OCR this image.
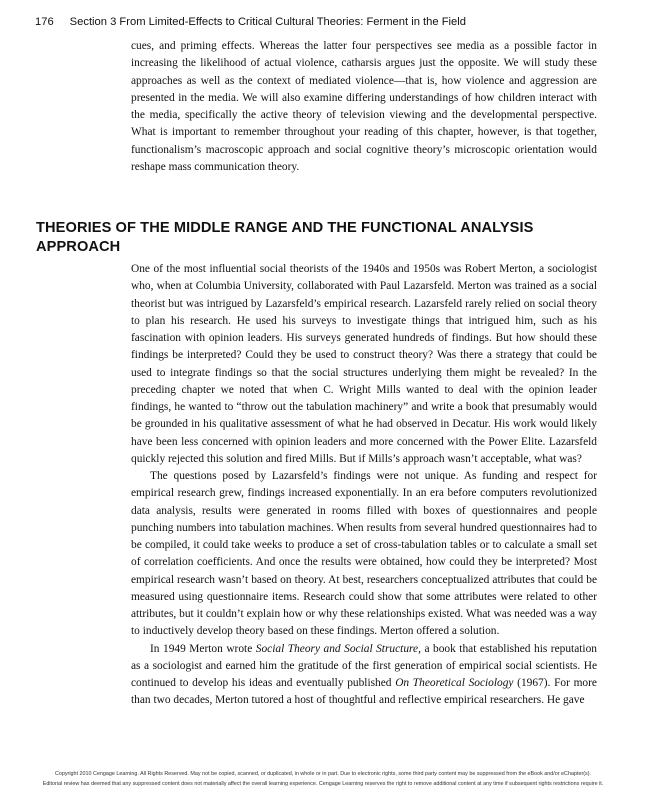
176 Section 3 From Limited-Effects to Critical Cultural Theories: Ferment in the Field

cues, and priming effects. Whereas the latter four perspectives see media as a possible factor in increasing the likelihood of actual violence, catharsis argues just the opposite. We will study these approaches as well as the context of mediated violence—that is, how violence and aggression are presented in the media. We will also examine differing understandings of how children interact with the media, specifically the active theory of television viewing and the developmental perspective. What is important to remember throughout your reading of this chapter, however, is that together, functionalism’s macroscopic approach and social cognitive theory’s microscopic orientation would reshape mass communication theory.

THEORIES OF THE MIDDLE RANGE AND THE FUNCTIONAL ANALYSIS APPROACH

One of the most influential social theorists of the 1940s and 1950s was Robert Merton, a sociologist who, when at Columbia University, collaborated with Paul Lazarsfeld. Merton was trained as a social theorist but was intrigued by Lazarsfeld’s empirical research. Lazarsfeld rarely relied on social theory to plan his research. He used his surveys to investigate things that intrigued him, such as his fascination with opinion leaders. His surveys generated hundreds of findings. But how should these findings be interpreted? Could they be used to construct theory? Was there a strategy that could be used to integrate findings so that the social structures underlying them might be revealed? In the preceding chapter we noted that when C. Wright Mills wanted to deal with the opinion leader findings, he wanted to “throw out the tabulation machinery” and write a book that presumably would be grounded in his qualitative assessment of what he had observed in Decatur. His work would likely have been less concerned with opinion leaders and more concerned with the Power Elite. Lazarsfeld quickly rejected this solution and fired Mills. But if Mills’s approach wasn’t acceptable, what was?

The questions posed by Lazarsfeld’s findings were not unique. As funding and respect for empirical research grew, findings increased exponentially. In an era before computers revolutionized data analysis, results were generated in rooms filled with boxes of questionnaires and people punching numbers into tabulation machines. When results from several hundred questionnaires had to be compiled, it could take weeks to produce a set of cross-tabulation tables or to calculate a small set of correlation coefficients. And once the results were obtained, how could they be interpreted? Most empirical research wasn’t based on theory. At best, researchers conceptualized attributes that could be measured using questionnaire items. Research could show that some attributes were related to other attributes, but it couldn’t explain how or why these relationships existed. What was needed was a way to inductively develop theory based on these findings. Merton offered a solution.

In 1949 Merton wrote Social Theory and Social Structure, a book that established his reputation as a sociologist and earned him the gratitude of the first generation of empirical social scientists. He continued to develop his ideas and eventually published On Theoretical Sociology (1967). For more than two decades, Merton tutored a host of thoughtful and reflective empirical researchers. He gave

Copyright 2010 Cengage Learning. All Rights Reserved. May not be copied, scanned, or duplicated, in whole or in part. Due to electronic rights, some third party content may be suppressed from the eBook and/or eChapter(s).
Editorial review has deemed that any suppressed content does not materially affect the overall learning experience. Cengage Learning reserves the right to remove additional content at any time if subsequent rights restrictions require it.
